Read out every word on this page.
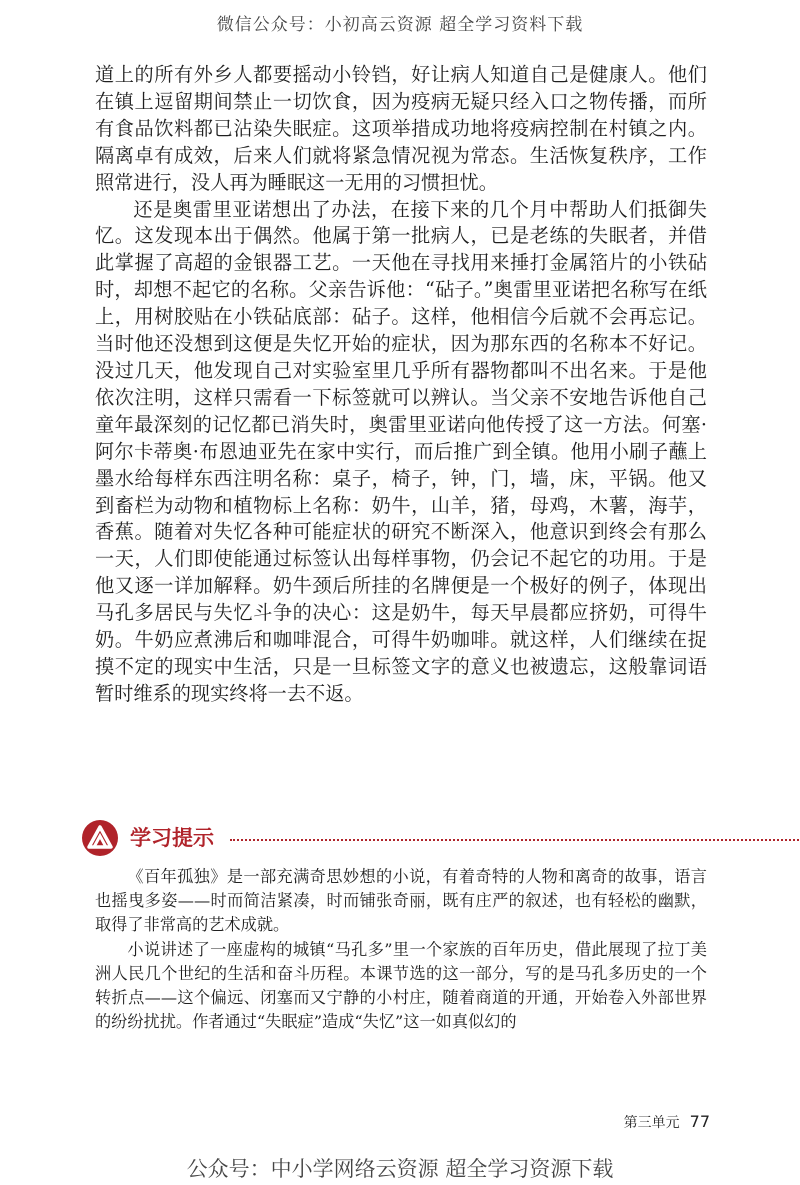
微信公众号：小初高云资源 超全学习资料下载

道上的所有外乡人都要摇动小铃铛，好让病人知道自己是健康人。他们在镇上逗留期间禁止一切饮食，因为疫病无疑只经入口之物传播，而所有食品饮料都已沾染失眠症。这项举措成功地将疫病控制在村镇之内。隔离卓有成效，后来人们就将紧急情况视为常态。生活恢复秩序，工作照常进行，没人再为睡眠这一无用的习惯担忧。

还是奥雷里亚诺想出了办法，在接下来的几个月中帮助人们抵御失忆。这发现本出于偶然。他属于第一批病人，已是老练的失眠者，并借此掌握了高超的金银器工艺。一天他在寻找用来捶打金属箔片的小铁砧时，却想不起它的名称。父亲告诉他：“砧子。”奥雷里亚诺把名称写在纸上，用树胶贴在小铁砧底部：砧子。这样，他相信今后就不会再忘记。当时他还没想到这便是失忆开始的症状，因为那东西的名称本不好记。没过几天，他发现自己对实验室里几乎所有器物都叫不出名来。于是他依次注明，这样只需看一下标签就可以辨认。当父亲不安地告诉他自己童年最深刻的记忆都已消失时，奥雷里亚诺向他传授了这一方法。何塞·阿尔卡蒂奥·布恩迪亚先在家中实行，而后推广到全镇。他用小刷子蘸上墨水给每样东西注明名称：桌子，椅子，钟，门，墙，床，平锅。他又到畜栏为动物和植物标上名称：奶牛，山羊，猪，母鸡，木薯，海芋，香蕉。随着对失忆各种可能症状的研究不断深入，他意识到终会有那么一天，人们即使能通过标签认出每样事物，仍会记不起它的功用。于是他又逐一详加解释。奶牛颈后所挂的名牌便是一个极好的例子，体现出马孔多居民与失忆斗争的决心：这是奶牛，每天早晨都应挤奶，可得牛奶。牛奶应煮沸后和咖啡混合，可得牛奶咖啡。就这样，人们继续在捉摸不定的现实中生活，只是一旦标签文字的意义也被遗忘，这般靠词语暂时维系的现实终将一去不返。

学习提示

《百年孤独》是一部充满奇思妙想的小说，有着奇特的人物和离奇的故事，语言也摇曳多姿——时而简洁紧凑，时而铺张奇丽，既有庄严的叙述，也有轻松的幽默，取得了非常高的艺术成就。

小说讲述了一座虚构的城镇“马孔多”里一个家族的百年历史，借此展现了拉丁美洲人民几个世纪的生活和奋斗历程。本课节选的这一部分，写的是马孔多历史的一个转折点——这个偏远、闭塞而又宁静的小村庄，随着商道的开通，开始卷入外部世界的纷纷扰扰。作者通过“失眠症”造成“失忆”这一如真似幻的

第三单元 77
公众号：中小学网络云资源 超全学习资源下载
